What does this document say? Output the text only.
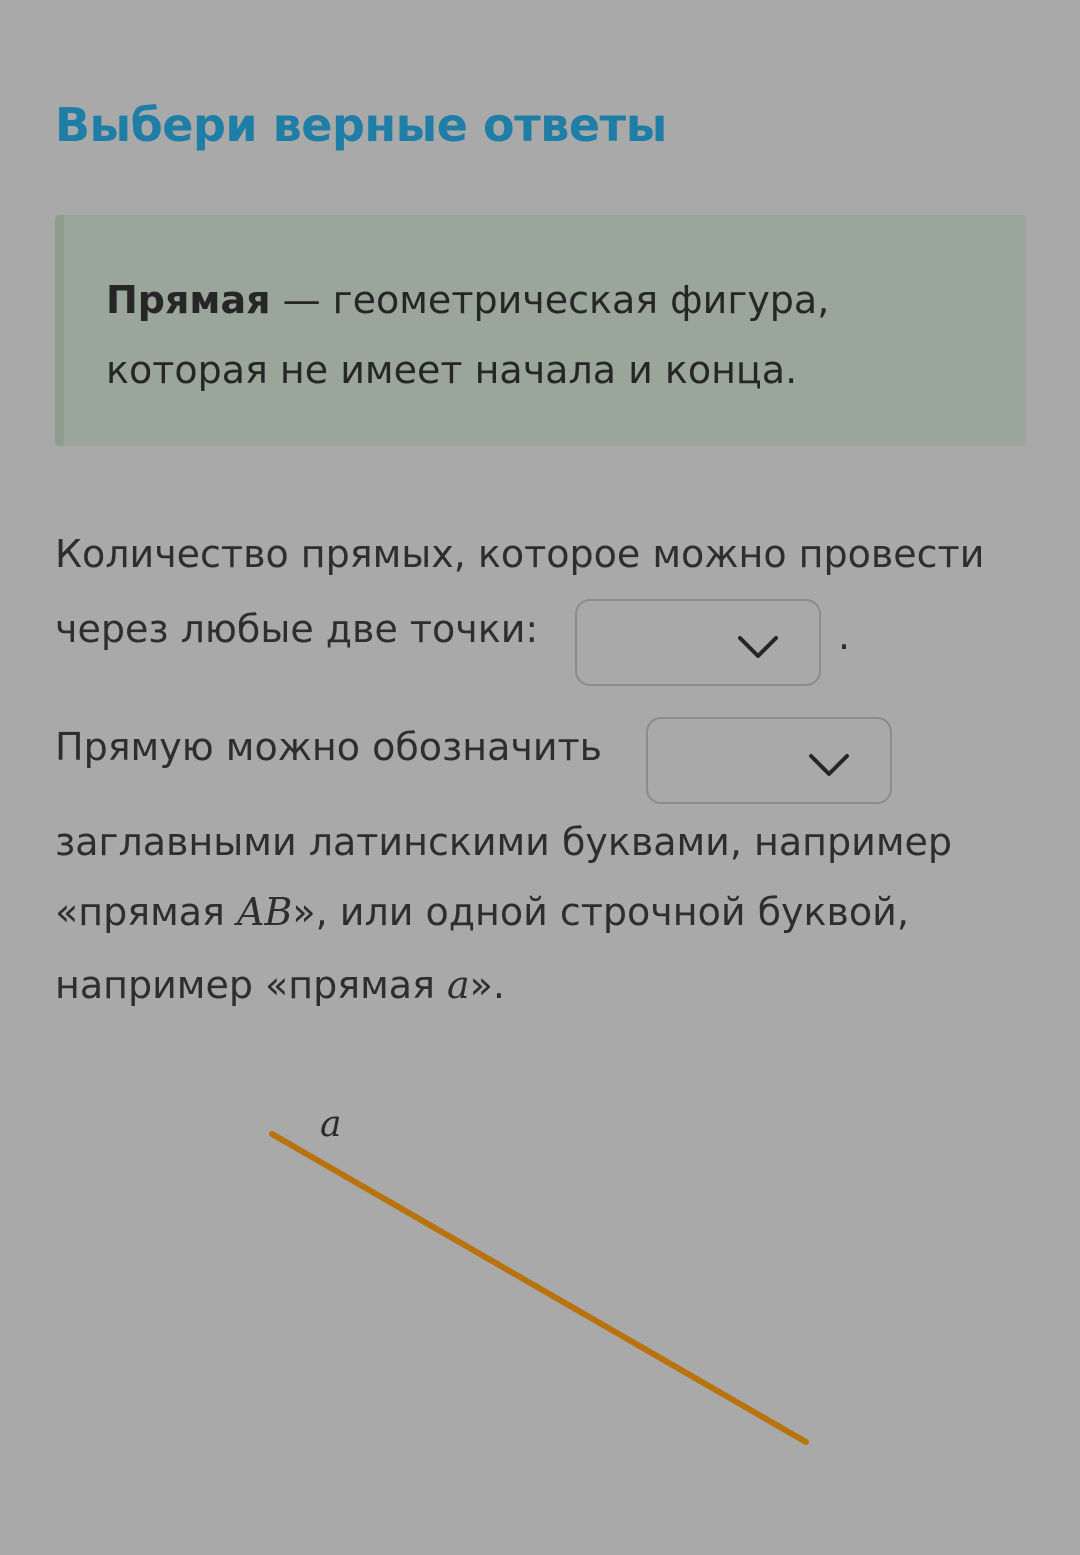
Выбери верные ответы
Прямая — геометрическая фигура,
которая не имеет начала и конца.
Количество прямых, которое можно провести
через любые две точки:	.
Прямую можно обозначить
заглавными латинскими буквами, например
«прямая AB», или одной строчной буквой,
например «прямая a».
a
